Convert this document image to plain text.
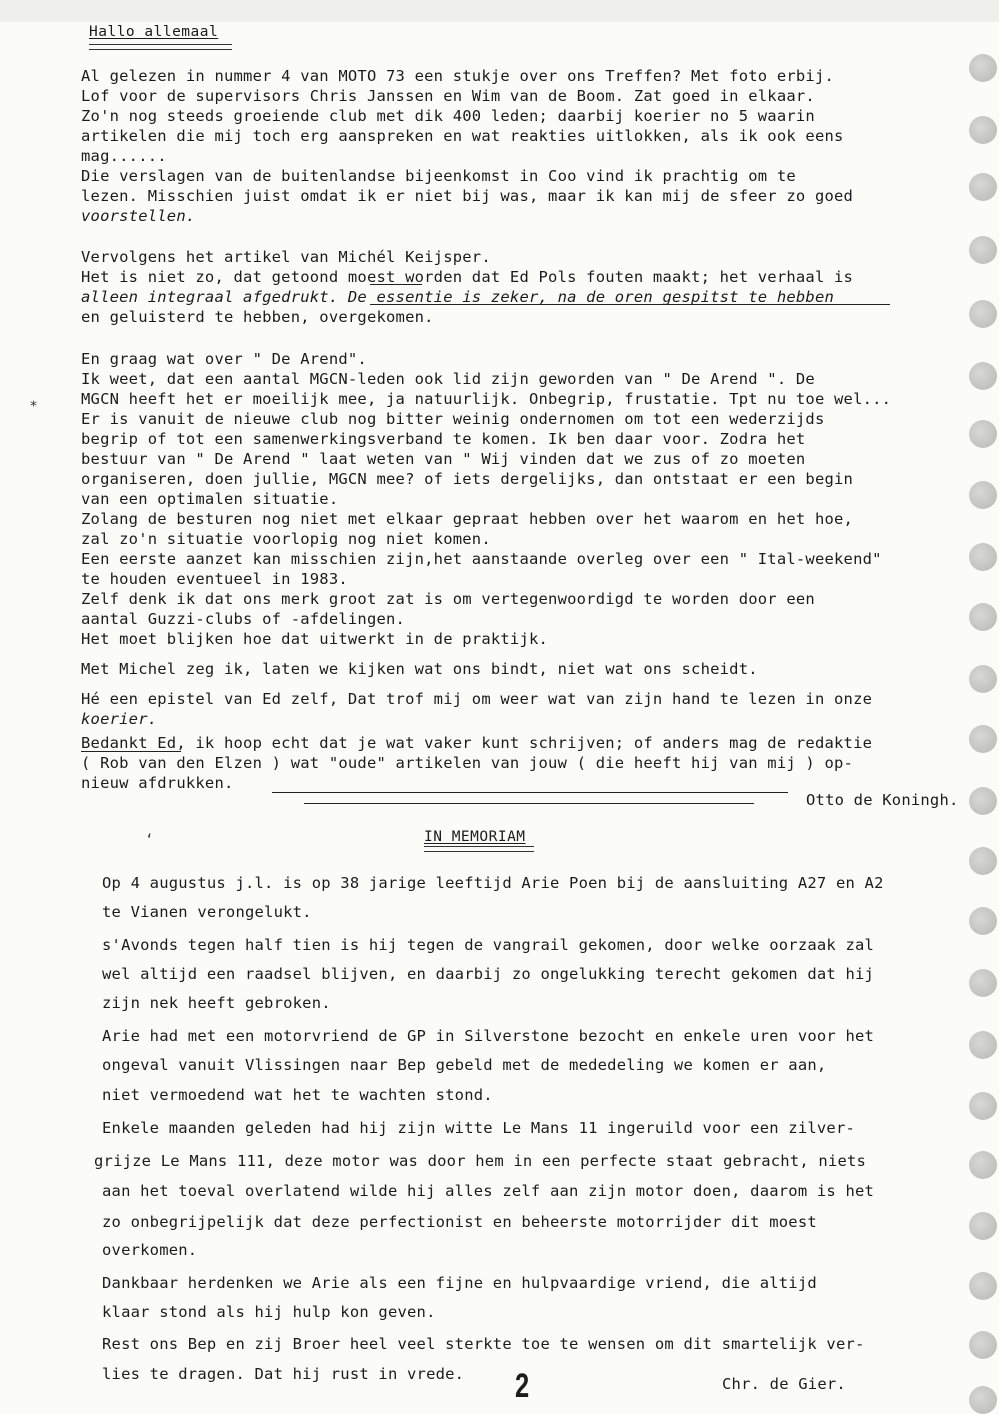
Hallo allemaal
Al gelezen in nummer 4 van MOTO 73 een stukje over ons Treffen? Met foto erbij.
Lof voor de supervisors Chris Janssen en Wim van de Boom. Zat goed in elkaar.
Zo'n nog steeds groeiende club met dik 400 leden; daarbij koerier no 5 waarin
artikelen die mij toch erg aanspreken en wat reakties uitlokken, als ik ook eens
mag......
Die verslagen van de buitenlandse bijeenkomst in Coo vind ik prachtig om te
lezen. Misschien juist omdat ik er niet bij was, maar ik kan mij de sfeer zo goed
voorstellen.
Vervolgens het artikel van Michél Keijsper.
Het is niet zo, dat getoond moest worden dat Ed Pols fouten maakt; het verhaal is
alleen integraal afgedrukt. De essentie is zeker, na de oren gespitst te hebben
en geluisterd te hebben, overgekomen.
En graag wat over " De Arend".
Ik weet, dat een aantal MGCN-leden ook lid zijn geworden van " De Arend ". De
MGCN heeft het er moeilijk mee, ja natuurlijk. Onbegrip, frustatie. Tpt nu toe wel...
Er is vanuit de nieuwe club nog bitter weinig ondernomen om tot een wederzijds
begrip of tot een samenwerkingsverband te komen. Ik ben daar voor. Zodra het
bestuur van " De Arend " laat weten van " Wij vinden dat we zus of zo moeten
organiseren, doen jullie, MGCN mee? of iets dergelijks, dan ontstaat er een begin
van een optimalen situatie.
Zolang de besturen nog niet met elkaar gepraat hebben over het waarom en het hoe,
zal zo'n situatie voorlopig nog niet komen.
Een eerste aanzet kan misschien zijn,het aanstaande overleg over een " Ital-weekend"
te houden eventueel in 1983.
Zelf denk ik dat ons merk groot zat is om vertegenwoordigd te worden door een
aantal Guzzi-clubs of -afdelingen.
Het moet blijken hoe dat uitwerkt in de praktijk.
⁎
Met Michel zeg ik, laten we kijken wat ons bindt, niet wat ons scheidt.
Hé een epistel van Ed zelf, Dat trof mij om weer wat van zijn hand te lezen in onze
koerier.
Bedankt Ed, ik hoop echt dat je wat vaker kunt schrijven; of anders mag de redaktie
( Rob van den Elzen ) wat "oude" artikelen van jouw ( die heeft hij van mij ) op-
nieuw afdrukken.
Otto de Koningh.
IN MEMORIAM
ʻ
Op 4 augustus j.l. is op 38 jarige leeftijd Arie Poen bij de aansluiting A27 en A2
te Vianen verongelukt.
s'Avonds tegen half tien is hij tegen de vangrail gekomen, door welke oorzaak zal
wel altijd een raadsel blijven, en daarbij zo ongelukking terecht gekomen dat hij
zijn nek heeft gebroken.
Arie had met een motorvriend de GP in Silverstone bezocht en enkele uren voor het
ongeval vanuit Vlissingen naar Bep gebeld met de mededeling we komen er aan,
niet vermoedend wat het te wachten stond.
Enkele maanden geleden had hij zijn witte Le Mans 11 ingeruild voor een zilver-
grijze Le Mans 111, deze motor was door hem in een perfecte staat gebracht, niets
aan het toeval overlatend wilde hij alles zelf aan zijn motor doen, daarom is het
zo onbegrijpelijk dat deze perfectionist en beheerste motorrijder dit moest
overkomen.
Dankbaar herdenken we Arie als een fijne en hulpvaardige vriend, die altijd
klaar stond als hij hulp kon geven.
Rest ons Bep en zij Broer heel veel sterkte toe te wensen om dit smartelijk ver-
lies te dragen. Dat hij rust in vrede. 2	Chr. de Gier.
